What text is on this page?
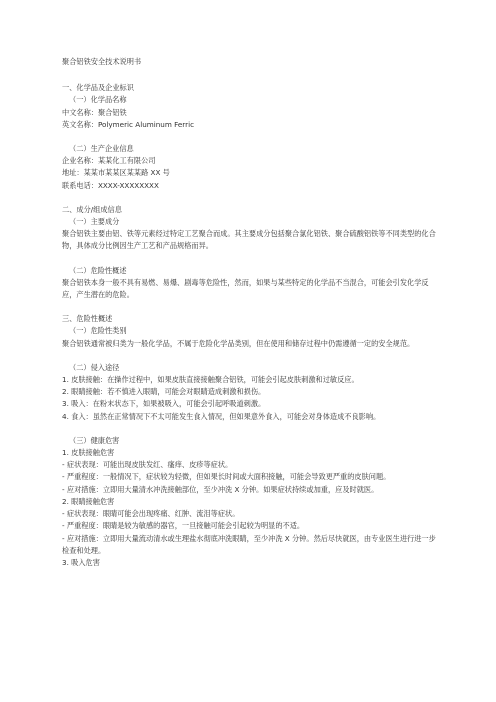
聚合铝铁安全技术说明书
一、化学品及企业标识
（一）化学品名称
中文名称：聚合铝铁
英文名称：Polymeric Aluminum Ferric
（二）生产企业信息
企业名称：某某化工有限公司
地址：某某市某某区某某路 XX 号
联系电话：XXXX-XXXXXXXX
二、成分/组成信息
（一）主要成分
聚合铝铁主要由铝、铁等元素经过特定工艺聚合而成。其主要成分包括聚合氯化铝铁、聚合硫酸铝铁等不同类型的化合物，具体成分比例因生产工艺和产品规格而异。
（二）危险性概述
聚合铝铁本身一般不具有易燃、易爆、剧毒等危险性，然而，如果与某些特定的化学品不当混合，可能会引发化学反应，产生潜在的危险。
三、危险性概述
（一）危险性类别
聚合铝铁通常被归类为一般化学品，不属于危险化学品类别，但在使用和储存过程中仍需遵循一定的安全规范。
（二）侵入途径
1. 皮肤接触：在操作过程中，如果皮肤直接接触聚合铝铁，可能会引起皮肤刺激和过敏反应。
2. 眼睛接触：若不慎进入眼睛，可能会对眼睛造成刺激和损伤。
3. 吸入：在粉末状态下，如果被吸入，可能会引起呼吸道刺激。
4. 食入：虽然在正常情况下不太可能发生食入情况，但如果意外食入，可能会对身体造成不良影响。
（三）健康危害
1. 皮肤接触危害
- 症状表现：可能出现皮肤发红、瘙痒、皮疹等症状。
- 严重程度：一般情况下，症状较为轻微，但如果长时间或大面积接触，可能会导致更严重的皮肤问题。
- 应对措施：立即用大量清水冲洗接触部位，至少冲洗 X 分钟。如果症状持续或加重，应及时就医。
2. 眼睛接触危害
- 症状表现：眼睛可能会出现疼痛、红肿、流泪等症状。
- 严重程度：眼睛是较为敏感的器官，一旦接触可能会引起较为明显的不适。
- 应对措施：立即用大量流动清水或生理盐水彻底冲洗眼睛，至少冲洗 X 分钟。然后尽快就医，由专业医生进行进一步检查和处理。
3. 吸入危害
